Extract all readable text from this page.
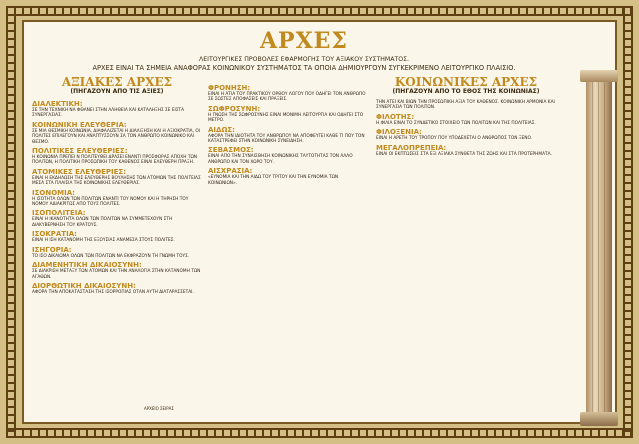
ΑΡΧΕΣ
ΛΕΙΤΟΥΡΓΙΚΕΣ ΠΡΟΒΟΛΕΣ ΕΦΑΡΜΟΓΗΣ ΤΟΥ ΑΞΙΑΚΟΥ ΣΥΣΤΗΜΑΤΟΣ.
ΑΡΧΕΣ ΕΙΝΑΙ ΤΑ ΣΗΜΕΙΑ ΑΝΑΦΟΡΑΣ ΚΟΙΝΩΝΙΚΟΥ ΣΥΣΤΗΜΑΤΟΣ ΤΑ ΟΠΟΙΑ ΔΗΜΙΟΥΡΓΟΥΝ ΣΥΓΚΕΚΡΙΜΕΝΟ ΛΕΙΤΟΥΡΓΙΚΟ ΠΛΑΙΣΙΟ.
ΑΞΙΑΚΕΣ ΑΡΧΕΣ
(ΠΗΓΑΖΟΥΝ ΑΠΟ ΤΙΣ ΑΞΙΕΣ)
ΚΟΙΝΩΝΙΚΕΣ ΑΡΧΕΣ
(ΠΗΓΑΖΟΥΝ ΑΠΟ ΤΟ ΕΘΟΣ ΤΗΣ ΚΟΙΝΩΝΙΑΣ)
ΔΙΑΛΕΚΤΙΚΗ:
ΣΕ ΤΗΝ ΤΕΧΝΙΚΗ ΝΑ ΦΘΑΝΕΙ ΣΤΗΝ ΑΛΗΘΕΙΑ ΚΑΙ ΚΑΤΑΛΗΞΗΣ ΣΕ ΕΙΣΤΑ ΣΥΝΕΡΓΑΣΙΑΣ.
ΚΟΙΝΩΝΙΚΗ ΕΛΕΥΘΕΡΙΑ:
ΣΕ ΜΙΑ ΘΕΣΜΙΚΗ ΚΟΙΝΩΝΙΑ, ΔΙΑΦΑΛΙΖΕΤΑΙ Η ΔΙΑΛΙΞΗΣΗ ΚΑΙ Η ΑΞΙΟΚΡΑΤΙΑ, ΟΙ ΠΟΛΙΤΕΣ ΕΠΙΛΕΓΟΥΝ ΚΑΙ ΑΝΑΠΤΥΣΣΟΥΝ ΣΑ ΤΟΝ ΑΝΘΡΩΠΟ ΚΟΙΝΩΝΙΚΟ ΚΑΙ ΘΕΣΜΟ.
ΠΟΛΙΤΙΚΕΣ ΕΛΕΥΘΕΡΙΕΣ:
Η ΚΟΙΝΩΝΙΑ ΠΡΕΠΕΙ Ν ΠΟΛΙΤΕΥΘΕΙ ΔΡΑΣΕΙ ΕΝΑΝΤΙ ΠΡΟΣΦΟΡΑΣ ΑΠΟΧΗ ΤΩΝ ΠΟΛΙΤΩΝ, Η ΠΟΛΙΤΙΚΗ ΠΡΟΣΩΠΙΚΗ ΤΟΥ ΚΑΘΕΝΟΣ ΕΙΝΑΙ ΕΛΕΥΘΕΡΗ ΠΡΑΞΗ.
ΑΤΟΜΙΚΕΣ ΕΛΕΥΘΕΡΙΕΣ:
ΕΙΝΑΙ Η ΕΚΔΗΛΩΣΗ ΤΗΣ ΕΛΕΥΘΕΡΗΣ ΒΟΥΛΗΣΗΣ ΤΩΝ ΑΤΟΜΩΝ ΤΗΣ ΠΟΛΙΤΕΙΑΣ ΜΕΣΑ ΣΤΑ ΠΛΑΙΣΙΑ ΤΗΣ ΚΟΙΝΩΝΙΚΗΣ ΕΛΕΥΘΕΡΙΑΣ.
ΙΣΟΝΟΜΙΑ:
Η ΙΣΟΤΗΤΑ ΟΛΩΝ ΤΩΝ ΠΟΛΙΤΩΝ ΕΝΑΝΤΙ ΤΟΥ ΝΟΜΟΥ ΚΑΙ Η ΤΗΡΗΣΗ ΤΟΥ ΝΟΜΟΥ ΑΔΙΑΚΡΙΤΩΣ ΑΠΟ ΤΟΥΣ ΠΟΛΙΤΕΣ.
ΙΣΟΠΟΛΙΤΕΙΑ:
ΕΙΝΑΙ Η ΙΚΑΝΟΤΗΤΑ ΟΛΩΝ ΤΩΝ ΠΟΛΙΤΩΝ ΝΑ ΣΥΜΜΕΤΕΧΟΥΝ ΣΤΗ ΔΙΑΚΥΒΕΡΝΗΣΗ ΤΟΥ ΚΡΑΤΟΥΣ.
ΙΣΟΚΡΑΤΙΑ:
ΕΙΝΑΙ Η ΙΣΗ ΚΑΤΑΝΟΜΗ ΤΗΣ ΕΞΟΥΣΙΑΣ ΑΝΑΜΕΣΑ ΣΤΟΥΣ ΠΟΛΙΤΕΣ.
ΙΣΗΓΟΡΙΑ:
ΤΟ ΙΣΟ ΔΙΚΑΙΩΜΑ ΟΛΩΝ ΤΩΝ ΠΟΛΙΤΩΝ ΝΑ ΕΚΦΡΑΖΟΥΝ ΤΗ ΓΝΩΜΗ ΤΟΥΣ.
ΔΙΑΜΕΝΗΤΙΚΗ ΔΙΚΑΙΟΣΥΝΗ:
ΣΕ ΔΙΑΚΡΙΣΗ ΜΕΤΑΞΥ ΤΩΝ ΑΤΟΜΩΝ ΚΑΙ ΤΗΝ ΑΝΑΛΟΓΙΑ ΣΤΗΝ ΚΑΤΑΝΟΜΗ ΤΩΝ ΑΓΑΘΩΝ.
ΔΙΟΡΘΩΤΙΚΗ ΔΙΚΑΙΟΣΥΝΗ:
ΑΦΟΡΑ ΤΗΝ ΑΠΟΚΑΤΑΣΤΑΣΗ ΤΗΣ ΙΣΟΡΡΟΠΙΑΣ ΟΤΑΝ ΑΥΤΗ ΔΙΑΤΑΡΑΣΣΕΤΑΙ.
ΦΡΟΝΗΣΗ:
ΕΙΝΑΙ Η ΑΤΙΑ ΤΟΥ ΠΡΑΚΤΙΚΟΥ ΟΡΘΟΥ ΛΟΓΟΥ ΠΟΥ ΟΔΗΓΕΙ ΤΟΝ ΑΝΘΡΩΠΟ ΣΕ ΣΩΣΤΕΣ ΑΠΟΦΑΣΕΙΣ ΚΑΙ ΠΡΑΞΕΙΣ.
ΣΩΦΡΟΣΥΝΗ:
Η ΓΝΩΣΗ ΤΗΣ ΣΩΦΡΟΣΥΝΗΣ ΕΙΝΑΙ ΜΟΝΙΜΗ ΛΕΙΤΟΥΡΓΙΑ ΚΑΙ ΟΔΗΓΕΙ ΣΤΟ ΜΕΤΡΟ.
ΑΙΔΩΣ:
ΑΦΟΡΑ ΤΗΝ ΙΔΙΟΤΗΤΑ ΤΟΥ ΑΝΘΡΩΠΟΥ ΝΑ ΑΠΟΦΕΥΓΕΙ ΚΑΘΕ ΤΙ ΠΟΥ ΤΟΝ ΚΑΤΑΣΤΡΕΦΕΙ ΣΤΗΝ ΚΟΙΝΩΝΙΚΗ ΣΥΝΕΙΔΗΣΗ.
ΣΕΒΑΣΜΟΣ:
ΕΙΝΑΙ ΑΠΟ ΤΗΝ ΣΥΝΑΙΣΘΗΣΗ ΚΟΙΝΩΝΙΚΗΣ ΤΑΥΤΟΤΗΤΑΣ ΤΟΝ ΑΛΛΟ ΑΝΘΡΩΠΟ ΚΑΙ ΤΟΝ ΧΩΡΟ ΤΟΥ.
ΑΙΣΧΡΑΣΙΑ:
«ΕΥΝΟΜΙΑ ΚΑΙ ΤΗΝ ΑΙΔΩ ΤΟΥ ΤΡΙΤΟΥ ΚΑΙ ΤΗΝ ΕΥΝΟΜΙΑ ΤΩΝ ΚΟΙΝΩΝΙΩΝ».
ΤΗΝ ΑΤΕΙ ΚΑΙ ΒΙΩΝ ΤΗΝ ΠΡΟΣΩΠΙΚΗ ΑΞΙΑ ΤΟΥ ΚΑΘΕΝΟΣ. ΚΟΙΝΩΝΙΚΗ ΑΡΜΟΝΙΑ ΚΑΙ ΣΥΝΕΡΓΑΣΙΑ ΤΩΝ ΠΟΛΙΤΩΝ.
ΦΙΛΟΤΗΣ:
Η ΦΙΛΙΑ ΕΙΝΑΙ ΤΟ ΣΥΝΔΕΤΙΚΟ ΣΤΟΙΧΕΙΟ ΤΩΝ ΠΟΛΙΤΩΝ ΚΑΙ ΤΗΣ ΠΟΛΙΤΕΙΑΣ.
ΦΙΛΟΞΕΝΙΑ:
ΕΙΝΑΙ Η ΑΡΕΤΗ ΤΟΥ ΤΡΟΠΟΥ ΠΟΥ ΥΠΟΔΕΧΕΤΑΙ Ο ΑΝΘΡΩΠΟΣ ΤΟΝ ΞΕΝΟ.
ΜΕΓΑΛΟΠΡΕΠΕΙΑ:
ΕΙΝΑΙ ΟΙ ΕΚΠΤΩΣΕΙΣ ΣΤΑ ΕΞΙ ΑΞΙΑΚΑ ΣΥΝΘΕΤΑ ΤΗΣ ΖΩΗΣ ΚΑΙ ΣΤΑ ΠΡΟΤΕΡΗΜΑΤΑ.
ΑΡΧΕΙΟ ΣΕΙΡΑΣ
